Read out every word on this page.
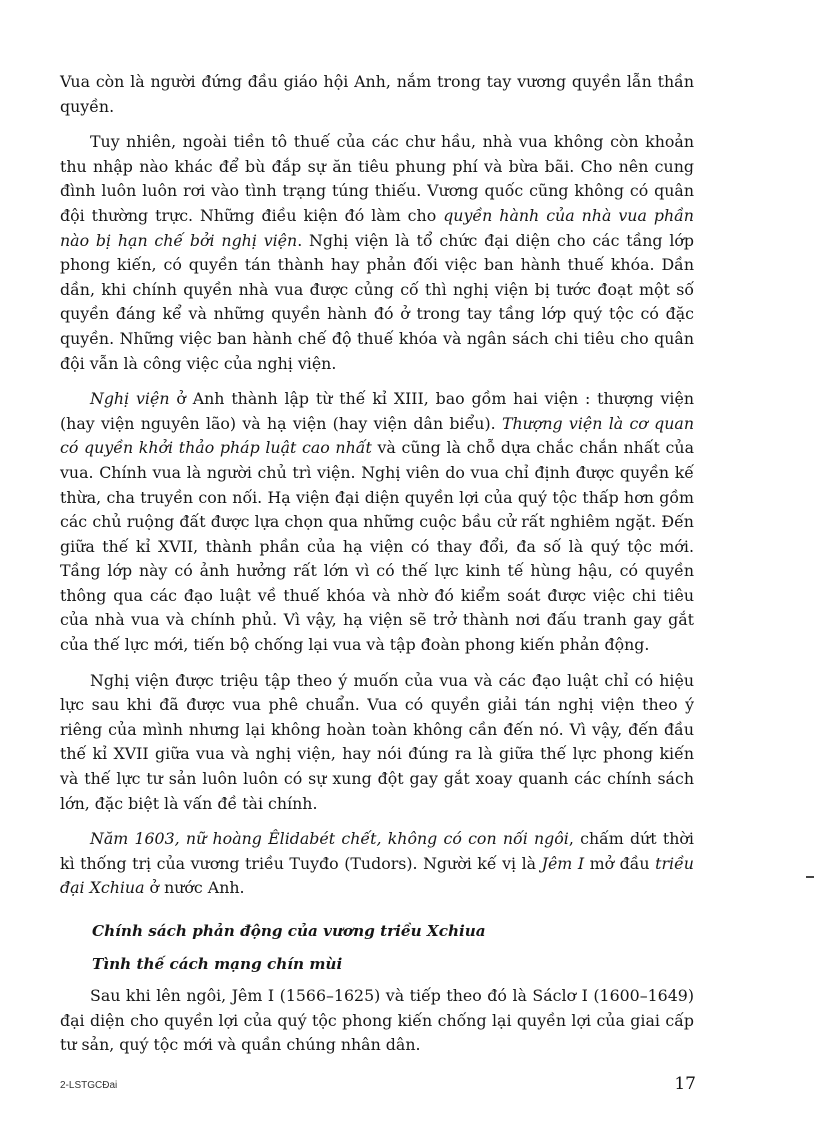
Vua còn là người đứng đầu giáo hội Anh, nắm trong tay vương quyền lẫn thần quyền.

Tuy nhiên, ngoài tiền tô thuế của các chư hầu, nhà vua không còn khoản thu nhập nào khác để bù đắp sự ăn tiêu phung phí và bừa bãi. Cho nên cung đình luôn luôn rơi vào tình trạng túng thiếu. Vương quốc cũng không có quân đội thường trực. Những điều kiện đó làm cho quyền hành của nhà vua phần nào bị hạn chế bởi nghị viện. Nghị viện là tổ chức đại diện cho các tầng lớp phong kiến, có quyền tán thành hay phản đối việc ban hành thuế khóa. Dần dần, khi chính quyền nhà vua được củng cố thì nghị viện bị tước đoạt một số quyền đáng kể và những quyền hành đó ở trong tay tầng lớp quý tộc có đặc quyền. Những việc ban hành chế độ thuế khóa và ngân sách chi tiêu cho quân đội vẫn là công việc của nghị viện.

Nghị viện ở Anh thành lập từ thế kỉ XIII, bao gồm hai viện : thượng viện (hay viện nguyên lão) và hạ viện (hay viện dân biểu). Thượng viện là cơ quan có quyền khởi thảo pháp luật cao nhất và cũng là chỗ dựa chắc chắn nhất của vua. Chính vua là người chủ trì viện. Nghị viên do vua chỉ định được quyền kế thừa, cha truyền con nối. Hạ viện đại diện quyền lợi của quý tộc thấp hơn gồm các chủ ruộng đất được lựa chọn qua những cuộc bầu cử rất nghiêm ngặt. Đến giữa thế kỉ XVII, thành phần của hạ viện có thay đổi, đa số là quý tộc mới. Tầng lớp này có ảnh hưởng rất lớn vì có thế lực kinh tế hùng hậu, có quyền thông qua các đạo luật về thuế khóa và nhờ đó kiểm soát được việc chi tiêu của nhà vua và chính phủ. Vì vậy, hạ viện sẽ trở thành nơi đấu tranh gay gắt của thế lực mới, tiến bộ chống lại vua và tập đoàn phong kiến phản động.

Nghị viện được triệu tập theo ý muốn của vua và các đạo luật chỉ có hiệu lực sau khi đã được vua phê chuẩn. Vua có quyền giải tán nghị viện theo ý riêng của mình nhưng lại không hoàn toàn không cần đến nó. Vì vậy, đến đầu thế kỉ XVII giữa vua và nghị viện, hay nói đúng ra là giữa thế lực phong kiến và thế lực tư sản luôn luôn có sự xung đột gay gắt xoay quanh các chính sách lớn, đặc biệt là vấn đề tài chính.

Năm 1603, nữ hoàng Êlidabét chết, không có con nối ngôi, chấm dứt thời kì thống trị của vương triều Tuyđo (Tudors). Người kế vị là Jêm I mở đầu triều đại Xchiua ở nước Anh.

Chính sách phản động của vương triều Xchiua

Tình thế cách mạng chín mùi

Sau khi lên ngôi, Jêm I (1566–1625) và tiếp theo đó là Sáclơ I (1600–1649) đại diện cho quyền lợi của quý tộc phong kiến chống lại quyền lợi của giai cấp tư sản, quý tộc mới và quần chúng nhân dân.

2-LSTGCĐai	17
